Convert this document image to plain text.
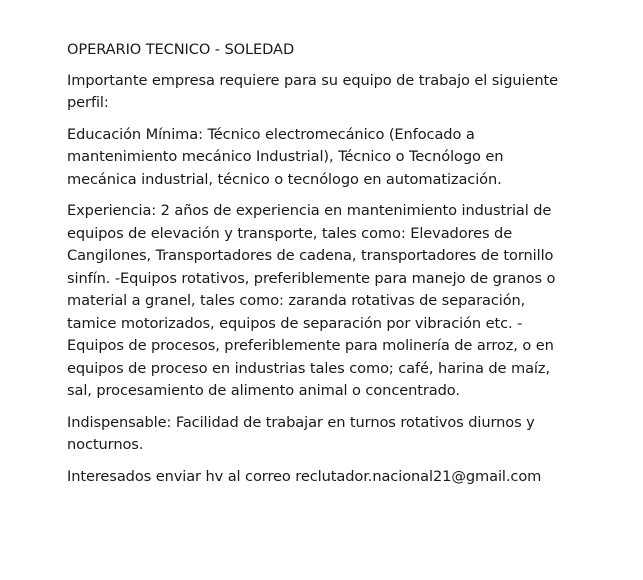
OPERARIO TECNICO - SOLEDAD

Importante empresa requiere para su equipo de trabajo el siguiente perfil:

Educación Mínima: Técnico electromecánico (Enfocado a mantenimiento mecánico Industrial), Técnico o Tecnólogo en mecánica industrial, técnico o tecnólogo en automatización.

Experiencia: 2 años de experiencia en mantenimiento industrial de equipos de elevación y transporte, tales como: Elevadores de Cangilones, Transportadores de cadena, transportadores de tornillo sinfín. -Equipos rotativos, preferiblemente para manejo de granos o material a granel, tales como: zaranda rotativas de separación, tamice motorizados, equipos de separación por vibración etc. -Equipos de procesos, preferiblemente para molinería de arroz, o en equipos de proceso en industrias tales como; café, harina de maíz, sal, procesamiento de alimento animal o concentrado.

Indispensable: Facilidad de trabajar en turnos rotativos diurnos y nocturnos.

Interesados enviar hv al correo reclutador.nacional21@gmail.com
